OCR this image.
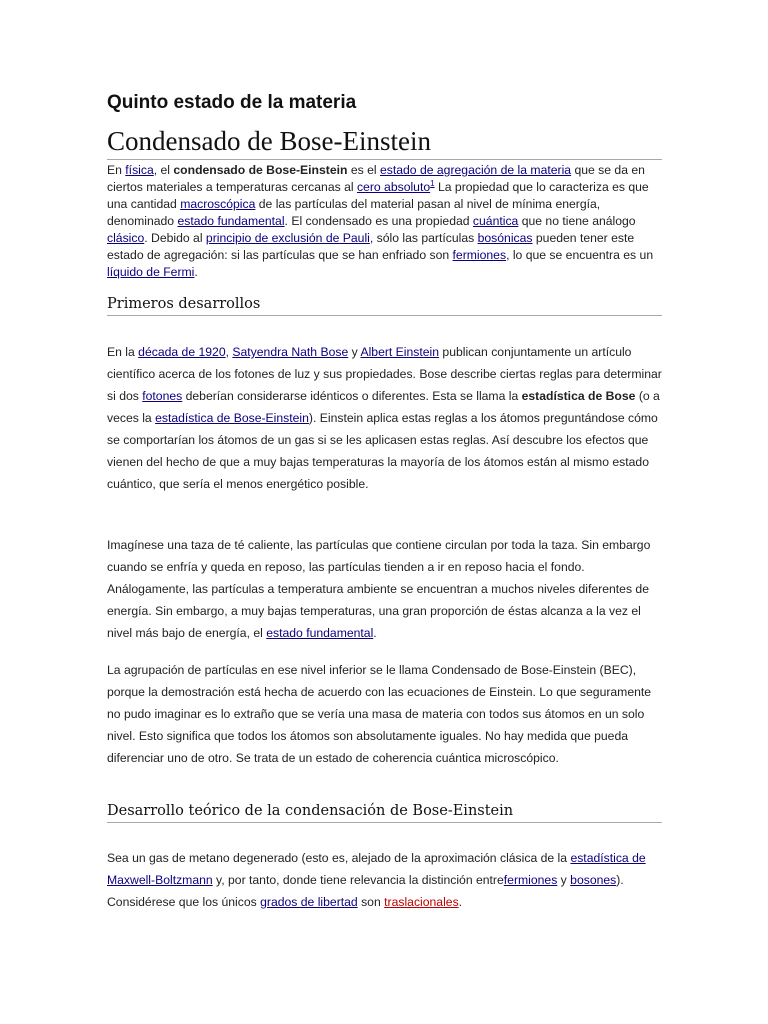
Quinto estado de la materia
Condensado de Bose-Einstein

En física, el condensado de Bose-Einstein es el estado de agregación de la materia que se da en ciertos materiales a temperaturas cercanas al cero absoluto$^1$ La propiedad que lo caracteriza es que una cantidad macroscópica de las partículas del material pasan al nivel de mínima energía, denominado estado fundamental. El condensado es una propiedad cuántica que no tiene análogo clásico. Debido al principio de exclusión de Pauli, sólo las partículas bosónicas pueden tener este estado de agregación: si las partículas que se han enfriado son fermiones, lo que se encuentra es un líquido de Fermi.

Primeros desarrollos

En la década de 1920, Satyendra Nath Bose y Albert Einstein publican conjuntamente un artículo científico acerca de los fotones de luz y sus propiedades. Bose describe ciertas reglas para determinar si dos fotones deberían considerarse idénticos o diferentes. Esta se llama la estadística de Bose (o a veces la estadística de Bose-Einstein). Einstein aplica estas reglas a los átomos preguntándose cómo se comportarían los átomos de un gas si se les aplicasen estas reglas. Así descubre los efectos que vienen del hecho de que a muy bajas temperaturas la mayoría de los átomos están al mismo estado cuántico, que sería el menos energético posible.

Imagínese una taza de té caliente, las partículas que contiene circulan por toda la taza. Sin embargo cuando se enfría y queda en reposo, las partículas tienden a ir en reposo hacia el fondo. Análogamente, las partículas a temperatura ambiente se encuentran a muchos niveles diferentes de energía. Sin embargo, a muy bajas temperaturas, una gran proporción de éstas alcanza a la vez el nivel más bajo de energía, el estado fundamental.

La agrupación de partículas en ese nivel inferior se le llama Condensado de Bose-Einstein (BEC), porque la demostración está hecha de acuerdo con las ecuaciones de Einstein. Lo que seguramente no pudo imaginar es lo extraño que se vería una masa de materia con todos sus átomos en un solo nivel. Esto significa que todos los átomos son absolutamente iguales. No hay medida que pueda diferenciar uno de otro. Se trata de un estado de coherencia cuántica microscópico.

Desarrollo teórico de la condensación de Bose-Einstein

Sea un gas de metano degenerado (esto es, alejado de la aproximación clásica de la estadística de Maxwell-Boltzmann y, por tanto, donde tiene relevancia la distinción entrefermiones y bosones). Considérese que los únicos grados de libertad son traslacionales.
